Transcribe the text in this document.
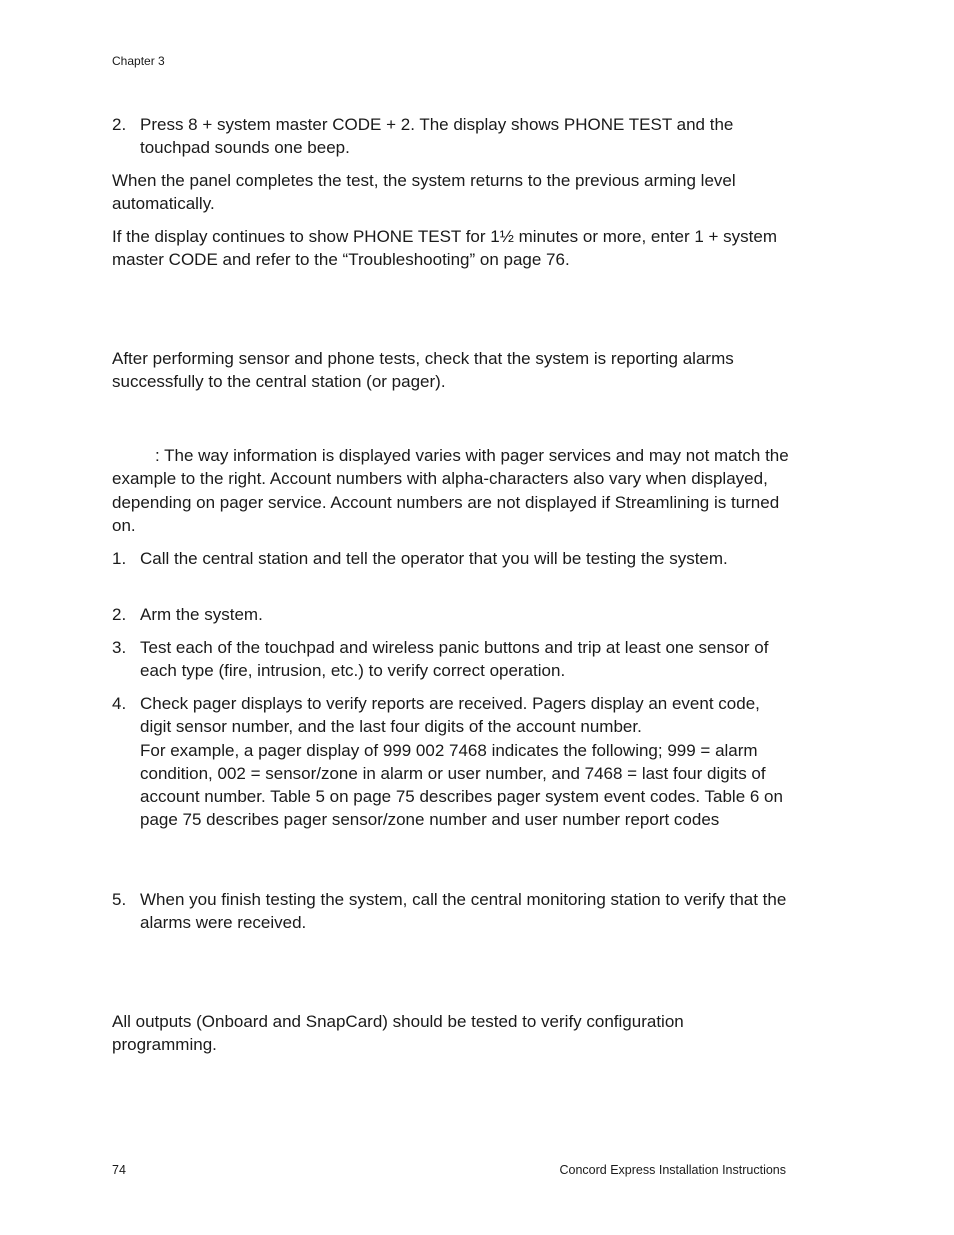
Chapter 3
2. Press 8 + system master CODE + 2. The display shows PHONE TEST and the touchpad sounds one beep.
When the panel completes the test, the system returns to the previous arming level automatically.
If the display continues to show PHONE TEST for 1½ minutes or more, enter 1 + system master CODE and refer to the “Troubleshooting” on page 76.
After performing sensor and phone tests, check that the system is reporting alarms successfully to the central station (or pager).
: The way information is displayed varies with pager services and may not match the example to the right. Account numbers with alpha-characters also vary when displayed, depending on pager service. Account numbers are not displayed if Streamlining is turned on.
1. Call the central station and tell the operator that you will be testing the system.
2. Arm the system.
3. Test each of the touchpad and wireless panic buttons and trip at least one sensor of each type (fire, intrusion, etc.) to verify correct operation.
4. Check pager displays to verify reports are received. Pagers display an event code, digit sensor number, and the last four digits of the account number.
For example, a pager display of 999 002 7468 indicates the following; 999 = alarm
condition, 002 = sensor/zone in alarm or user number, and 7468 = last four digits of account number. Table 5 on page 75 describes pager system event codes. Table 6 on page 75 describes pager sensor/zone number and user number report codes
5. When you finish testing the system, call the central monitoring station to verify that the alarms were received.
All outputs (Onboard and SnapCard) should be tested to verify configuration programming.
74	Concord Express Installation Instructions
